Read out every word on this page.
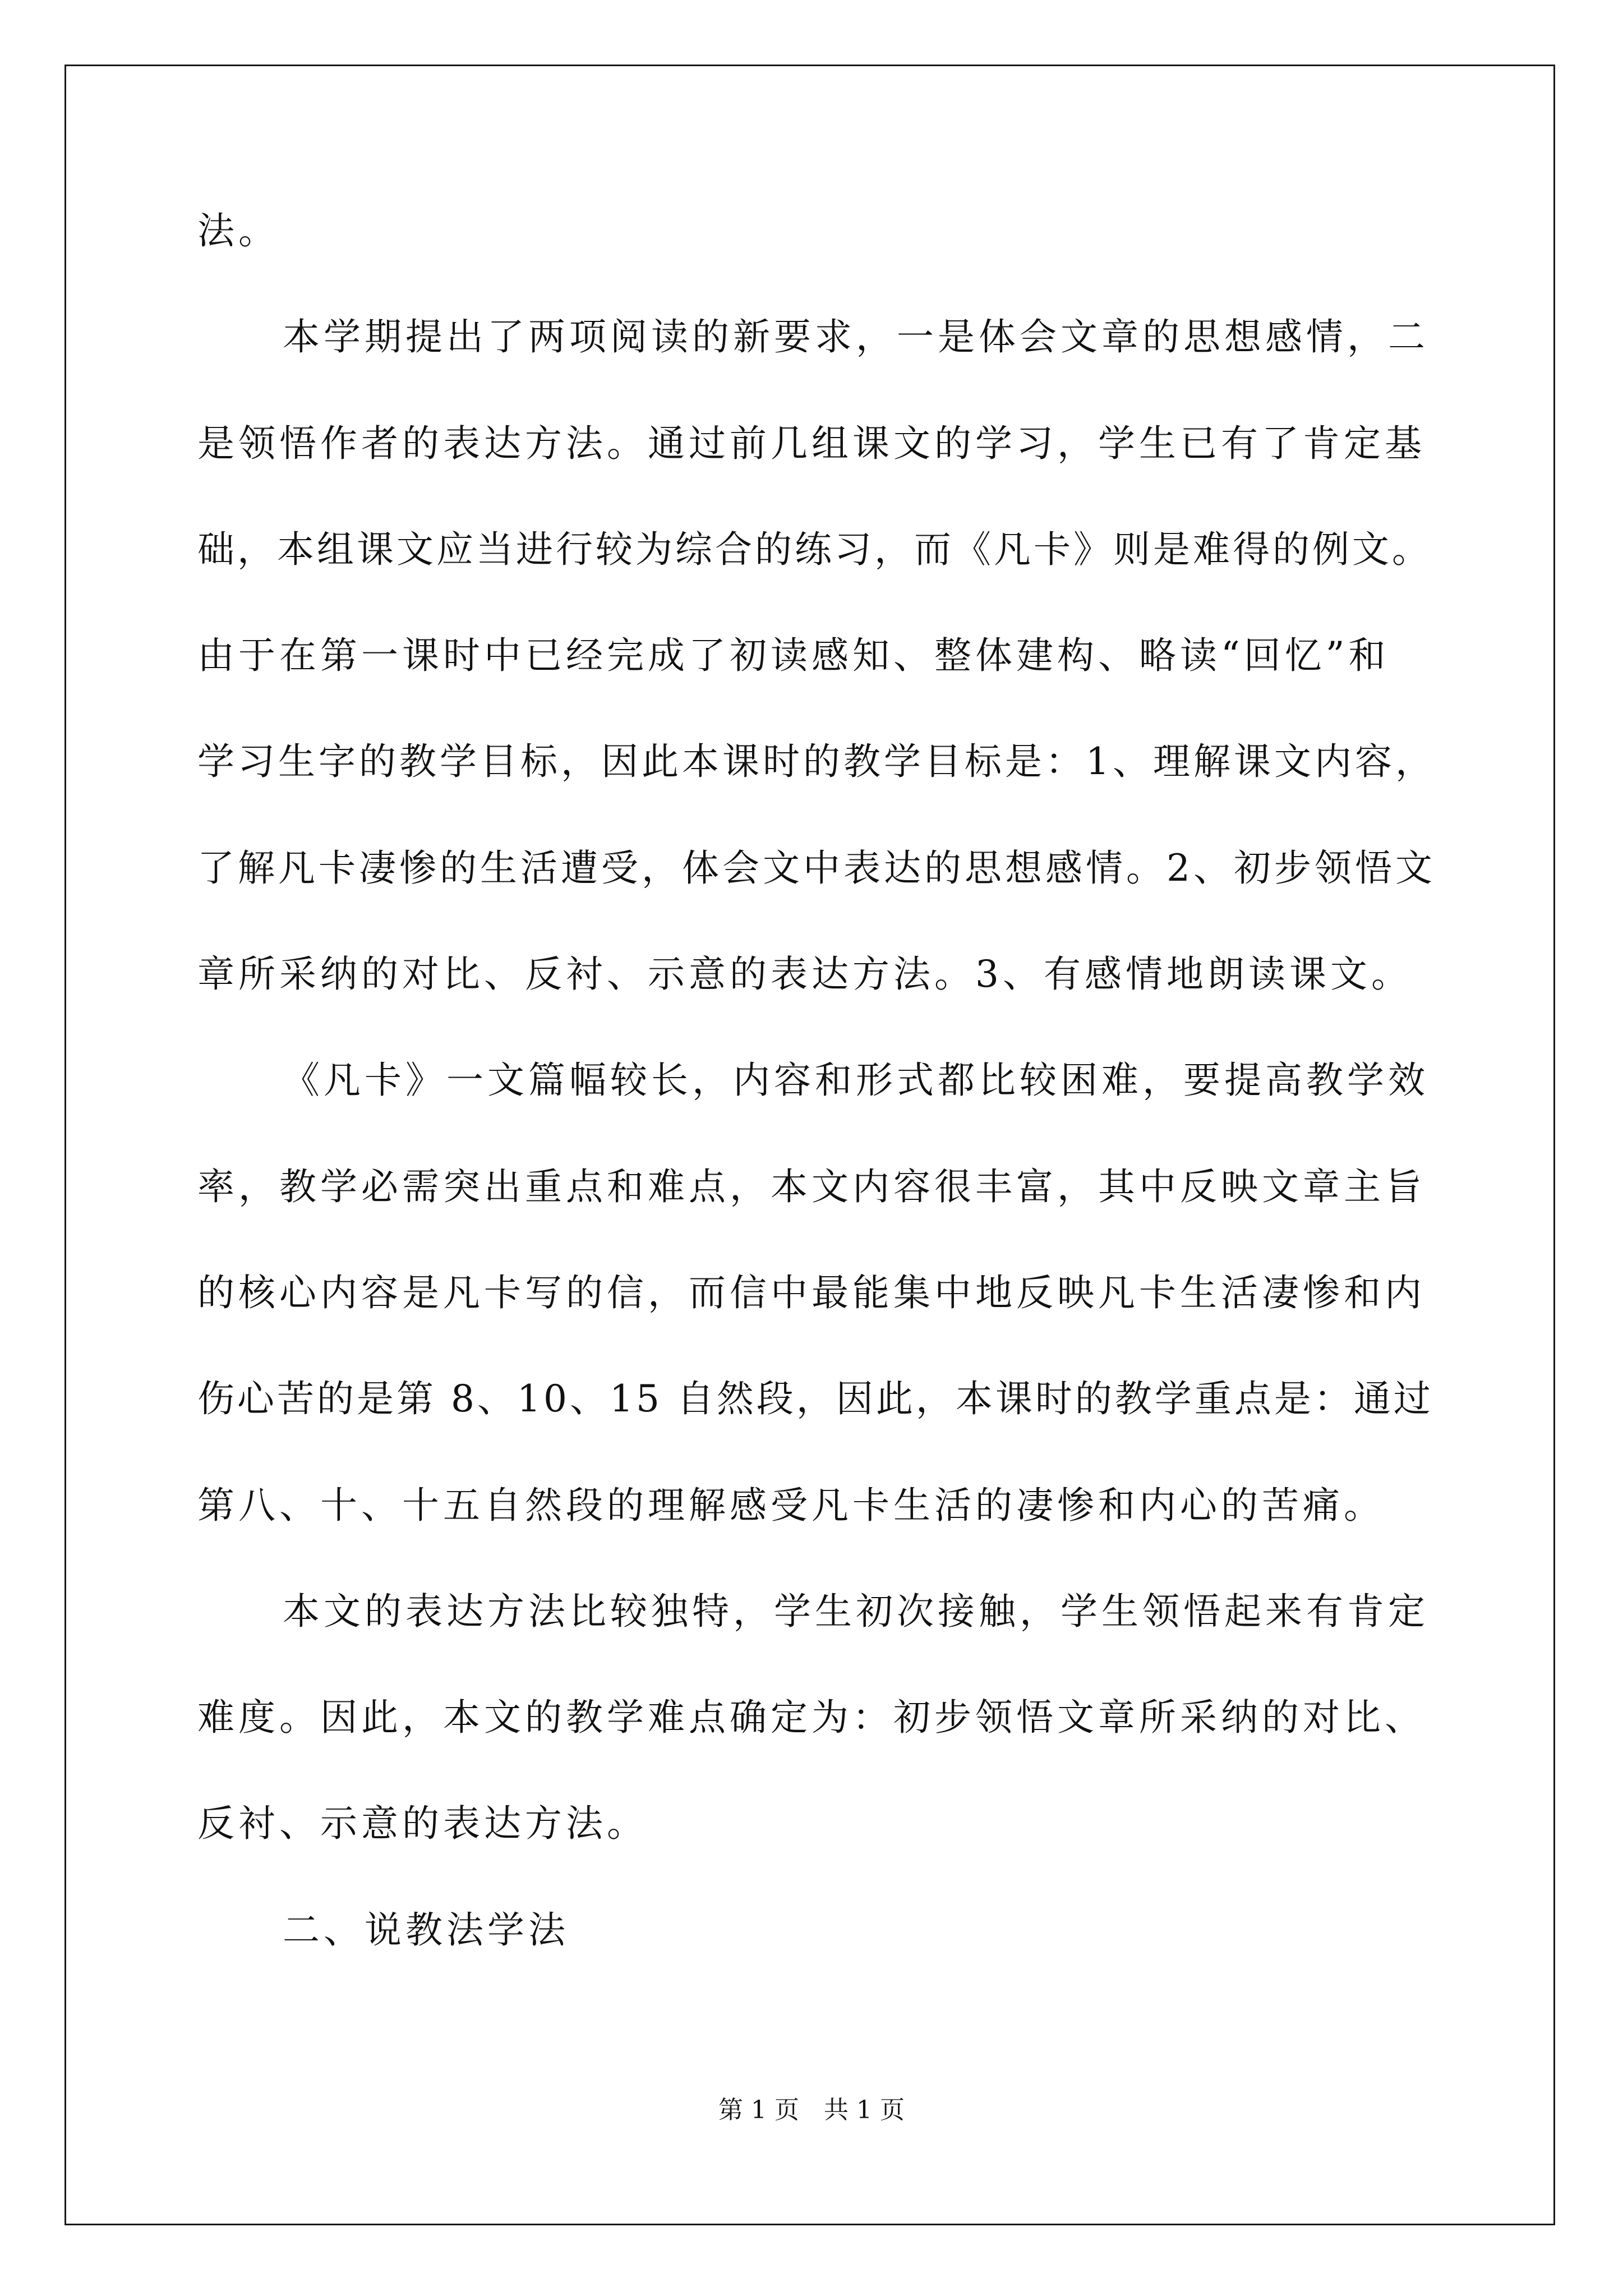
法。
本学期提出了两项阅读的新要求，一是体会文章的思想感情，二
是领悟作者的表达方法。通过前几组课文的学习，学生已有了肯定基
础，本组课文应当进行较为综合的练习，而《凡卡》则是难得的例文。
由于在第一课时中已经完成了初读感知、整体建构、略读“回忆”和
学习生字的教学目标，因此本课时的教学目标是：1、理解课文内容，
了解凡卡凄惨的生活遭受，体会文中表达的思想感情。2、初步领悟文
章所采纳的对比、反衬、示意的表达方法。3、有感情地朗读课文。
《凡卡》一文篇幅较长，内容和形式都比较困难，要提高教学效
率，教学必需突出重点和难点，本文内容很丰富，其中反映文章主旨
的核心内容是凡卡写的信，而信中最能集中地反映凡卡生活凄惨和内
伤心苦的是第 8、10、15 自然段，因此，本课时的教学重点是：通过
第八、十、十五自然段的理解感受凡卡生活的凄惨和内心的苦痛。
本文的表达方法比较独特，学生初次接触，学生领悟起来有肯定
难度。因此，本文的教学难点确定为：初步领悟文章所采纳的对比、
反衬、示意的表达方法。
二、说教法学法
第 1 页　共 1 页
